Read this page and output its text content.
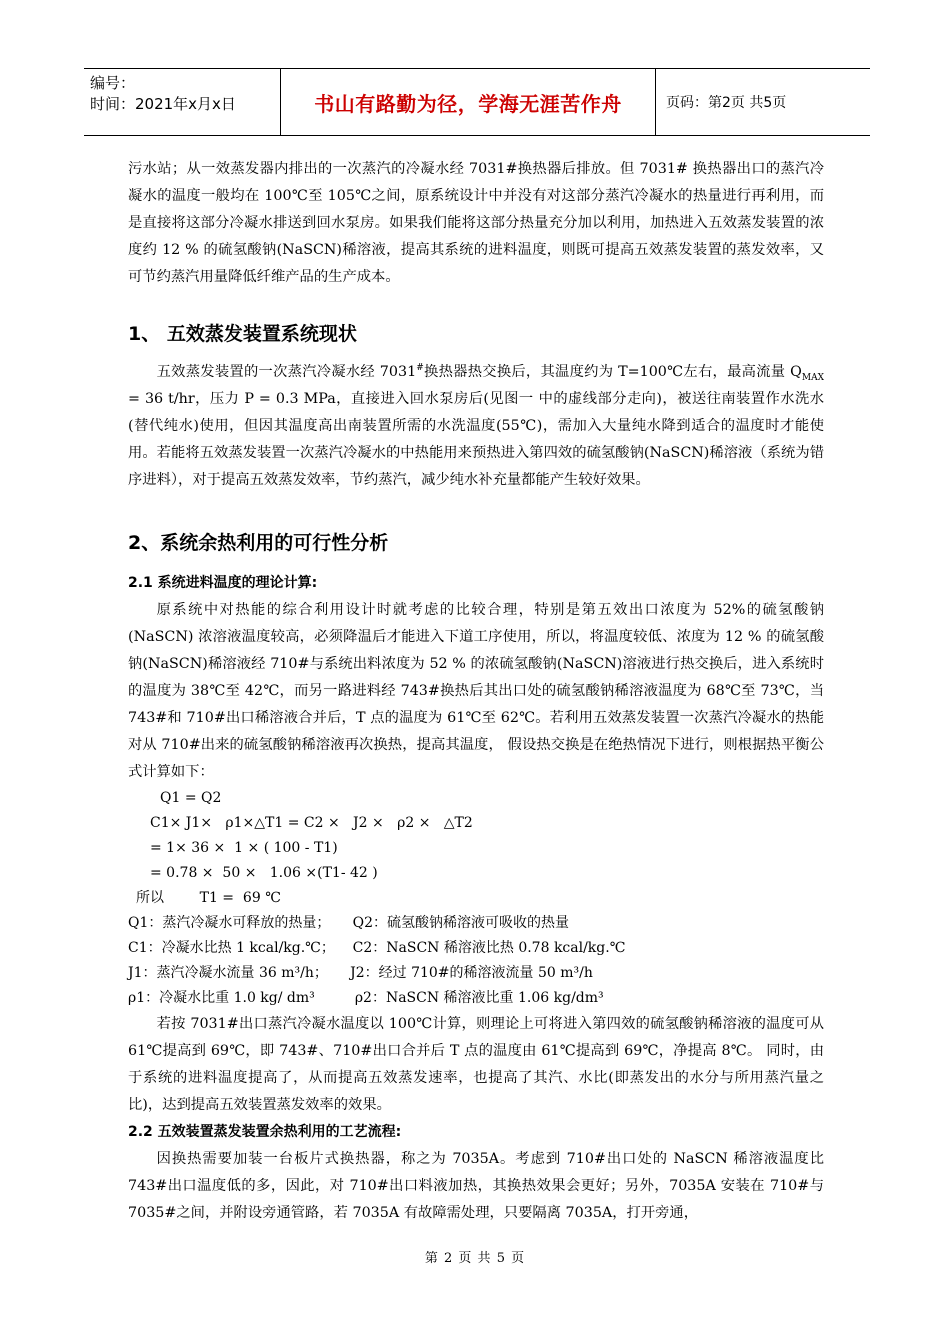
编号：
时间：2021年x月x日	书山有路勤为径，学海无涯苦作舟	页码：第2页 共5页

污水站；从一效蒸发器内排出的一次蒸汽的冷凝水经 7031#换热器后排放。但 7031# 换热器出口的蒸汽冷凝水的温度一般均在 100℃至 105℃之间，原系统设计中并没有对这部分蒸汽冷凝水的热量进行再利用，而是直接将这部分冷凝水排送到回水泵房。如果我们能将这部分热量充分加以利用，加热进入五效蒸发装置的浓度约 12 % 的硫氢酸钠(NaSCN)稀溶液，提高其系统的进料温度，则既可提高五效蒸发装置的蒸发效率，又可节约蒸汽用量降低纤维产品的生产成本。

1、 五效蒸发装置系统现状

五效蒸发装置的一次蒸汽冷凝水经 7031#换热器热交换后，其温度约为 T=100℃左右，最高流量 $Q_{MAX} = 36$ t/hr，压力 P = 0.3 MPa，直接进入回水泵房后(见图一 中的虚线部分走向)，被送往南装置作水洗水(替代纯水)使用，但因其温度高出南装置所需的水洗温度(55℃)，需加入大量纯水降到适合的温度时才能使用。若能将五效蒸发装置一次蒸汽冷凝水的中热能用来预热进入第四效的硫氢酸钠(NaSCN)稀溶液（系统为错序进料），对于提高五效蒸发效率，节约蒸汽，减少纯水补充量都能产生较好效果。

2、系统余热利用的可行性分析
2.1 系统进料温度的理论计算:

原系统中对热能的综合利用设计时就考虑的比较合理，特别是第五效出口浓度为 52%的硫氢酸钠(NaSCN) 浓溶液温度较高，必须降温后才能进入下道工序使用，所以，将温度较低、浓度为 12 % 的硫氢酸钠(NaSCN)稀溶液经 710#与系统出料浓度为 52 % 的浓硫氢酸钠(NaSCN)溶液进行热交换后，进入系统时的温度为 38℃至 42℃，而另一路进料经 743#换热后其出口处的硫氢酸钠稀溶液温度为 68℃至 73℃，当 743#和 710#出口稀溶液合并后，T 点的温度为 61℃至 62℃。若利用五效蒸发装置一次蒸汽冷凝水的热能对从 710#出来的硫氢酸钠稀溶液再次换热，提高其温度， 假设热交换是在绝热情况下进行，则根据热平衡公式计算如下：

Q1 = Q2
C1× J1×   ρ1×△T1 = C2 ×   J2 ×   ρ2 ×   △T2
= 1× 36 ×  1 × ( 100 - T1)
= 0.78 ×  50 ×   1.06 ×(T1- 42 )
所以        T1 =  69 ℃
Q1：蒸汽冷凝水可释放的热量；     Q2：硫氢酸钠稀溶液可吸收的热量
C1：冷凝水比热 1 kcal/kg.℃；    C2：NaSCN 稀溶液比热 0.78 kcal/kg.℃
J1：蒸汽冷凝水流量 36 m³/h；     J2：经过 710#的稀溶液流量 50 m³/h
ρ1：冷凝水比重 1.0 kg/ dm³         ρ2：NaSCN 稀溶液比重 1.06 kg/dm³

若按 7031#出口蒸汽冷凝水温度以 100℃计算，则理论上可将进入第四效的硫氢酸钠稀溶液的温度可从 61℃提高到 69℃，即 743#、710#出口合并后 T 点的温度由 61℃提高到 69℃，净提高 8℃。 同时，由于系统的进料温度提高了，从而提高五效蒸发速率，也提高了其汽、水比(即蒸发出的水分与所用蒸汽量之比)，达到提高五效装置蒸发效率的效果。

2.2 五效装置蒸发装置余热利用的工艺流程:

因换热需要加装一台板片式换热器，称之为 7035A。考虑到 710#出口处的 NaSCN 稀溶液温度比 743#出口温度低的多，因此，对 710#出口料液加热，其换热效果会更好；另外，7035A 安装在 710#与 7035#之间，并附设旁通管路，若 7035A 有故障需处理，只要隔离 7035A，打开旁通，

第 2 页 共 5 页
